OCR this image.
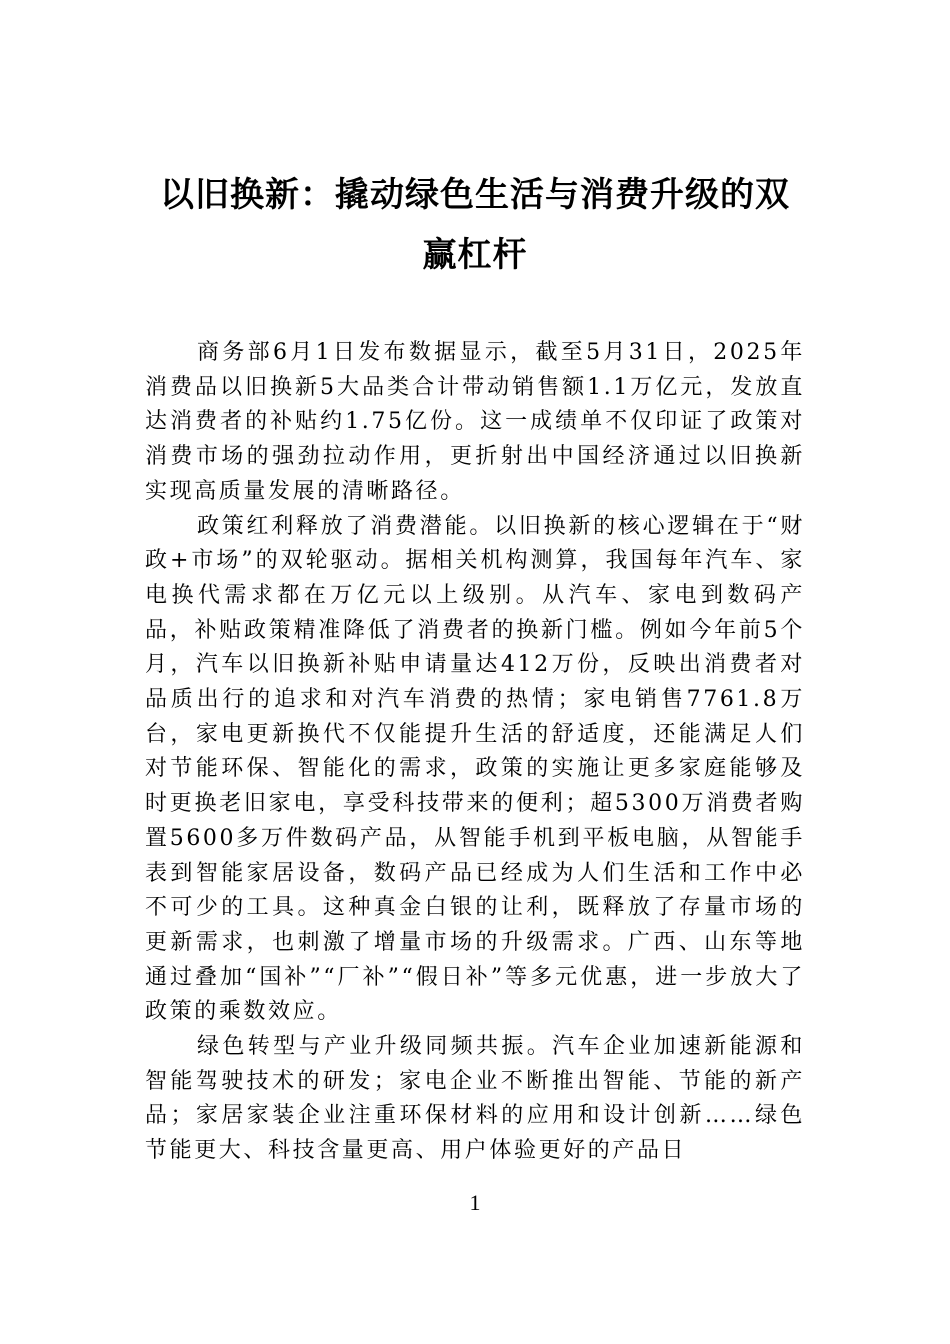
以旧换新：撬动绿色生活与消费升级的双
赢杠杆

商务部6月1日发布数据显示，截至5月31日，2025年消费品以旧换新5大品类合计带动销售额1.1万亿元，发放直达消费者的补贴约1.75亿份。这一成绩单不仅印证了政策对消费市场的强劲拉动作用，更折射出中国经济通过以旧换新实现高质量发展的清晰路径。

政策红利释放了消费潜能。以旧换新的核心逻辑在于“财政+市场”的双轮驱动。据相关机构测算，我国每年汽车、家电换代需求都在万亿元以上级别。从汽车、家电到数码产品，补贴政策精准降低了消费者的换新门槛。例如今年前5个月，汽车以旧换新补贴申请量达412万份，反映出消费者对品质出行的追求和对汽车消费的热情；家电销售7761.8万台，家电更新换代不仅能提升生活的舒适度，还能满足人们对节能环保、智能化的需求，政策的实施让更多家庭能够及时更换老旧家电，享受科技带来的便利；超5300万消费者购置5600多万件数码产品，从智能手机到平板电脑，从智能手表到智能家居设备，数码产品已经成为人们生活和工作中必不可少的工具。这种真金白银的让利，既释放了存量市场的更新需求，也刺激了增量市场的升级需求。广西、山东等地通过叠加“国补”“厂补”“假日补”等多元优惠，进一步放大了政策的乘数效应。

绿色转型与产业升级同频共振。汽车企业加速新能源和智能驾驶技术的研发；家电企业不断推出智能、节能的新产品；家居家装企业注重环保材料的应用和设计创新……绿色节能更大、科技含量更高、用户体验更好的产品日

1
